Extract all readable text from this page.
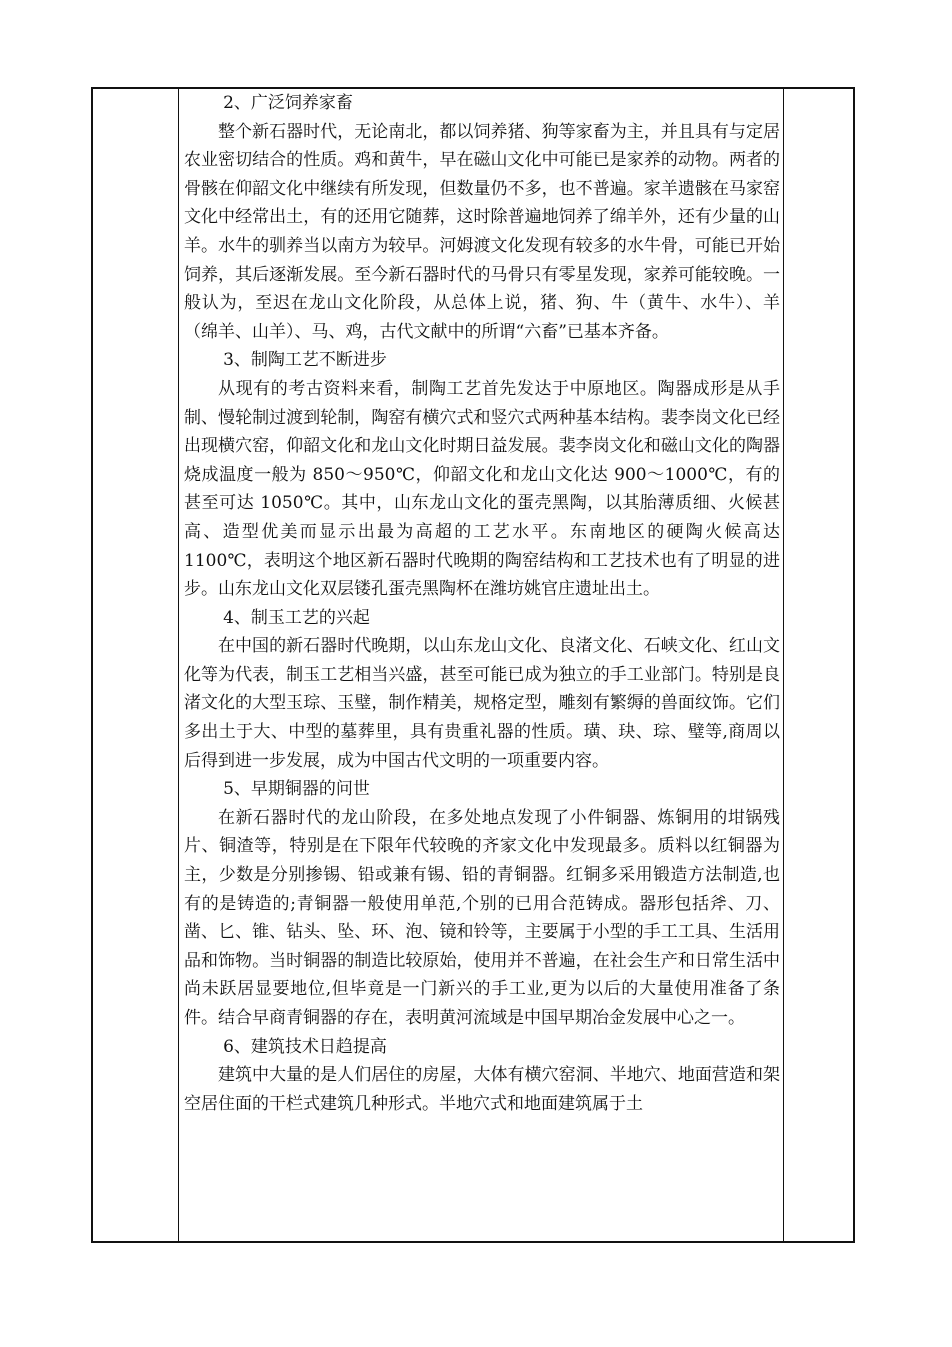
2、广泛饲养家畜

整个新石器时代，无论南北，都以饲养猪、狗等家畜为主，并且具有与定居农业密切结合的性质。鸡和黄牛，早在磁山文化中可能已是家养的动物。两者的骨骸在仰韶文化中继续有所发现，但数量仍不多，也不普遍。家羊遗骸在马家窑文化中经常出土，有的还用它随葬，这时除普遍地饲养了绵羊外，还有少量的山羊。水牛的驯养当以南方为较早。河姆渡文化发现有较多的水牛骨，可能已开始饲养，其后逐渐发展。至今新石器时代的马骨只有零星发现，家养可能较晚。一般认为，至迟在龙山文化阶段，从总体上说，猪、狗、牛（黄牛、水牛）、羊（绵羊、山羊）、马、鸡，古代文献中的所谓“六畜”已基本齐备。

3、制陶工艺不断进步

从现有的考古资料来看，制陶工艺首先发达于中原地区。陶器成形是从手制、慢轮制过渡到轮制，陶窑有横穴式和竖穴式两种基本结构。裴李岗文化已经出现横穴窑，仰韶文化和龙山文化时期日益发展。裴李岗文化和磁山文化的陶器烧成温度一般为 850～950℃，仰韶文化和龙山文化达 900～1000℃，有的甚至可达 1050℃。其中，山东龙山文化的蛋壳黑陶，以其胎薄质细、火候甚高、造型优美而显示出最为高超的工艺水平。东南地区的硬陶火候高达 1100℃，表明这个地区新石器时代晚期的陶窑结构和工艺技术也有了明显的进步。山东龙山文化双层镂孔蛋壳黑陶杯在潍坊姚官庄遗址出土。

4、制玉工艺的兴起

在中国的新石器时代晚期，以山东龙山文化、良渚文化、石峡文化、红山文化等为代表，制玉工艺相当兴盛，甚至可能已成为独立的手工业部门。特别是良渚文化的大型玉琮、玉璧，制作精美，规格定型，雕刻有繁缛的兽面纹饰。它们多出土于大、中型的墓葬里，具有贵重礼器的性质。璜、玦、琮、璧等,商周以后得到进一步发展，成为中国古代文明的一项重要内容。

5、早期铜器的问世

在新石器时代的龙山阶段，在多处地点发现了小件铜器、炼铜用的坩锅残片、铜渣等，特别是在下限年代较晚的齐家文化中发现最多。质料以红铜器为主，少数是分别掺锡、铅或兼有锡、铅的青铜器。红铜多采用锻造方法制造,也有的是铸造的;青铜器一般使用单范,个别的已用合范铸成。器形包括斧、刀、凿、匕、锥、钻头、坠、环、泡、镜和铃等，主要属于小型的手工工具、生活用品和饰物。当时铜器的制造比较原始，使用并不普遍，在社会生产和日常生活中尚未跃居显要地位,但毕竟是一门新兴的手工业,更为以后的大量使用准备了条件。结合早商青铜器的存在，表明黄河流域是中国早期冶金发展中心之一。

6、建筑技术日趋提高

建筑中大量的是人们居住的房屋，大体有横穴窑洞、半地穴、地面营造和架空居住面的干栏式建筑几种形式。半地穴式和地面建筑属于土
